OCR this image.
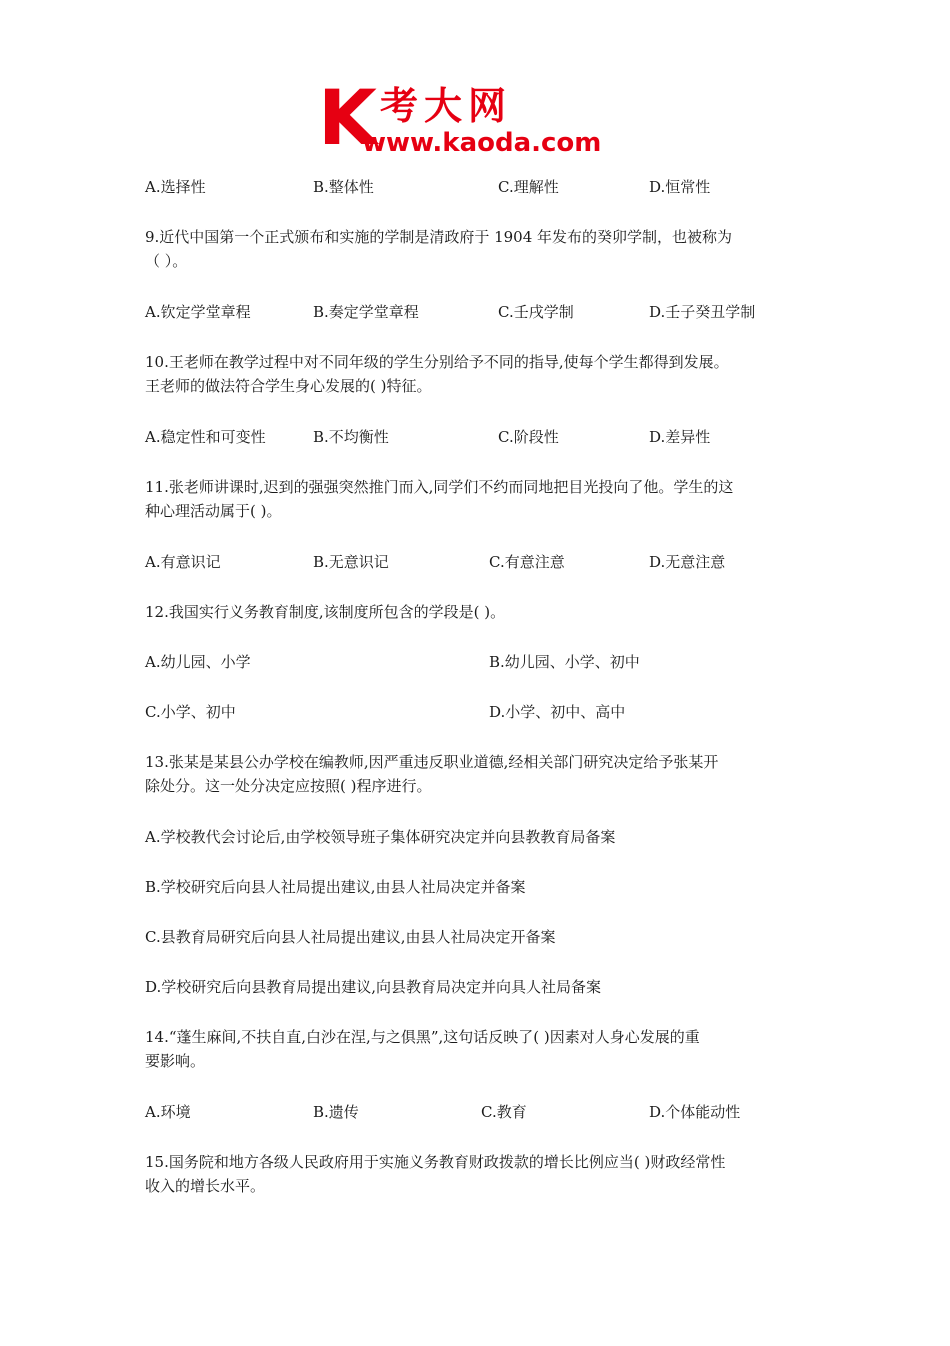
K 考大网
www.kaoda.com
A.选择性	B.整体性	C.理解性	D.恒常性
9.近代中国第一个正式颁布和实施的学制是清政府于 1904 年发布的癸卯学制，也被称为
（ ）。
A.钦定学堂章程	B.奏定学堂章程	C.壬戌学制	D.壬子癸丑学制
10.王老师在教学过程中对不同年级的学生分别给予不同的指导,使每个学生都得到发展。
王老师的做法符合学生身心发展的( )特征。
A.稳定性和可变性	B.不均衡性	C.阶段性	D.差异性
11.张老师讲课时,迟到的强强突然推门而入,同学们不约而同地把目光投向了他。学生的这
种心理活动属于( )。
A.有意识记	B.无意识记	C.有意注意	D.无意注意
12.我国实行义务教育制度,该制度所包含的学段是( )。
A.幼儿园、小学	B.幼儿园、小学、初中
C.小学、初中	D.小学、初中、高中
13.张某是某县公办学校在编教师,因严重违反职业道德,经相关部门研究决定给予张某开
除处分。这一处分决定应按照( )程序进行。
A.学校教代会讨论后,由学校领导班子集体研究决定并向县教教育局备案
B.学校研究后向县人社局提出建议,由县人社局决定并备案
C.县教育局研究后向县人社局提出建议,由县人社局决定开备案
D.学校研究后向县教育局提出建议,向县教育局决定并向具人社局备案
14.“蓬生麻间,不扶自直,白沙在涅,与之俱黑”,这句话反映了( )因素对人身心发展的重
要影响。
A.环境	B.遗传	C.教育	D.个体能动性
15.国务院和地方各级人民政府用于实施义务教育财政拨款的增长比例应当( )财政经常性
收入的增长水平。
